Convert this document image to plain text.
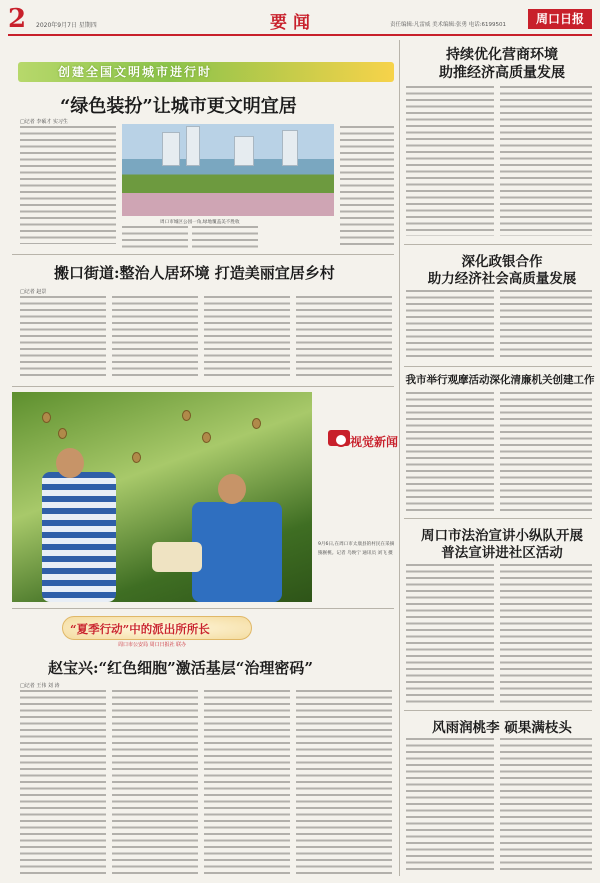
2 2020年9月7日 星期四	要闻	责任编辑:凡雷威 美术编辑:张勇 电话:6199501	周口日报
创建全国文明城市进行时
“绿色装扮”让城市更文明宜居
□记者 李硕才 实习生
周口市城区公园一角,绿地覆盖美不胜收
搬口街道:整治人居环境 打造美丽宜居乡村
□记者 赵景
视觉新闻
9月6日,在周口市太康县的村民在采摘猕猴桃。记者 乌焕宁 通讯员 刘飞 摄
“夏季行动”中的派出所所长
周口市公安局 周口日报社 联办
赵宝兴:“红色细胞”激活基层“治理密码”
□记者 王伟 刘 涛
持续优化营商环境
助推经济高质量发展
深化政银合作
助力经济社会高质量发展
我市举行观摩活动深化清廉机关创建工作
周口市法治宣讲小纵队开展
普法宣讲进社区活动
风雨润桃李 硕果满枝头
